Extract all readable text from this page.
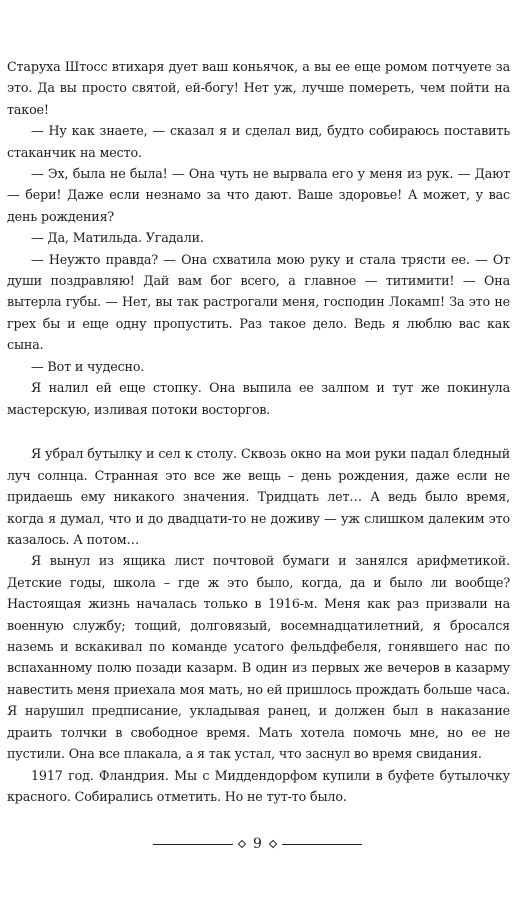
Старуха Штосс втихаря дует ваш коньячок, а вы ее еще ромом потчуете за это. Да вы просто святой, ей-богу! Нет уж, лучше помереть, чем пойти на такое!

— Ну как знаете, — сказал я и сделал вид, будто собираюсь поставить стаканчик на место.

— Эх, была не была! — Она чуть не вырвала его у меня из рук. — Дают — бери! Даже если незнамо за что дают. Ваше здоровье! А может, у вас день рождения?

— Да, Матильда. Угадали.

— Неужто правда? — Она схватила мою руку и стала трясти ее. — От души поздравляю! Дай вам бог всего, а главное — титимити! — Она вытерла губы. — Нет, вы так растрогали меня, господин Локамп! За это не грех бы и еще одну пропустить. Раз такое дело. Ведь я люблю вас как сына.

— Вот и чудесно.

Я налил ей еще стопку. Она выпила ее залпом и тут же покинула мастерскую, изливая потоки восторгов.

Я убрал бутылку и сел к столу. Сквозь окно на мои руки падал бледный луч солнца. Странная это все же вещь – день рождения, даже если не придаешь ему никакого значения. Тридцать лет… А ведь было время, когда я думал, что и до двадцати-то не доживу — уж слишком далеким это казалось. А потом…

Я вынул из ящика лист почтовой бумаги и занялся арифметикой. Детские годы, школа – где ж это было, когда, да и было ли вообще? Настоящая жизнь началась только в 1916-м. Меня как раз призвали на военную службу; тощий, долговязый, восемнадцатилетний, я бросался наземь и вскакивал по команде усатого фельдфебеля, гонявшего нас по вспаханному полю позади казарм. В один из первых же вечеров в казарму навестить меня приехала моя мать, но ей пришлось прождать больше часа. Я нарушил предписание, укладывая ранец, и должен был в наказание драить толчки в свободное время. Мать хотела помочь мне, но ее не пустили. Она все плакала, а я так устал, что заснул во время свидания.

1917 год. Фландрия. Мы с Миддендорфом купили в буфете бутылочку красного. Собирались отметить. Но не тут-то было.

9
